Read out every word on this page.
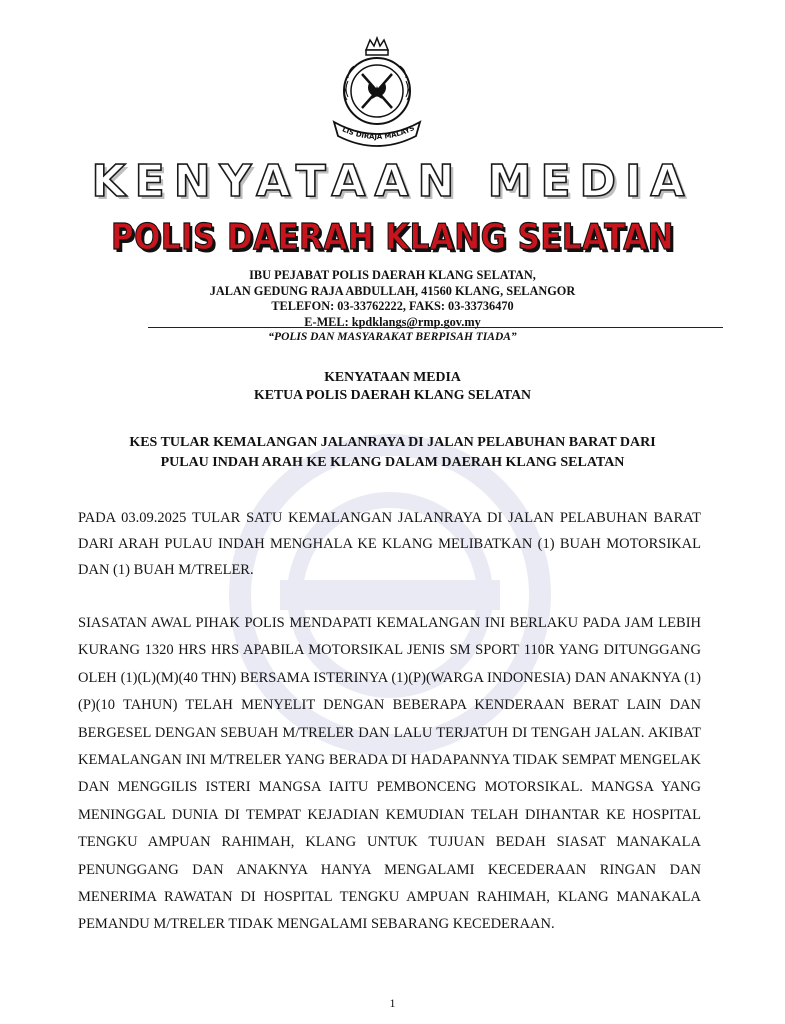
LIS DIRAJA MALAYS
KENYATAAN MEDIA
POLIS DAERAH KLANG SELATAN
IBU PEJABAT POLIS DAERAH KLANG SELATAN,
JALAN GEDUNG RAJA ABDULLAH, 41560 KLANG, SELANGOR
TELEFON: 03-33762222, FAKS: 03-33736470
E-MEL: kpdklangs@rmp.gov.my
“POLIS DAN MASYARAKAT BERPISAH TIADA”
KENYATAAN MEDIA
KETUA POLIS DAERAH KLANG SELATAN
KES TULAR KEMALANGAN JALANRAYA DI JALAN PELABUHAN BARAT DARI
PULAU INDAH ARAH KE KLANG DALAM DAERAH KLANG SELATAN
PADA 03.09.2025 TULAR SATU KEMALANGAN JALANRAYA DI JALAN PELABUHAN BARAT DARI ARAH PULAU INDAH MENGHALA KE KLANG MELIBATKAN (1) BUAH MOTORSIKAL DAN (1) BUAH M/TRELER.
SIASATAN AWAL PIHAK POLIS MENDAPATI KEMALANGAN INI BERLAKU PADA JAM LEBIH KURANG 1320 HRS HRS APABILA MOTORSIKAL JENIS SM SPORT 110R YANG DITUNGGANG OLEH (1)(L)(M)(40 THN) BERSAMA ISTERINYA (1)(P)(WARGA INDONESIA) DAN ANAKNYA (1)(P)(10 TAHUN) TELAH MENYELIT DENGAN BEBERAPA KENDERAAN BERAT LAIN DAN BERGESEL DENGAN SEBUAH M/TRELER DAN LALU TERJATUH DI TENGAH JALAN. AKIBAT KEMALANGAN INI M/TRELER YANG BERADA DI HADAPANNYA TIDAK SEMPAT MENGELAK DAN MENGGILIS ISTERI MANGSA IAITU PEMBONCENG MOTORSIKAL. MANGSA YANG MENINGGAL DUNIA DI TEMPAT KEJADIAN KEMUDIAN TELAH DIHANTAR KE HOSPITAL TENGKU AMPUAN RAHIMAH, KLANG UNTUK TUJUAN BEDAH SIASAT MANAKALA PENUNGGANG DAN ANAKNYA HANYA MENGALAMI KECEDERAAN RINGAN DAN MENERIMA RAWATAN DI HOSPITAL TENGKU AMPUAN RAHIMAH, KLANG MANAKALA PEMANDU M/TRELER TIDAK MENGALAMI SEBARANG KECEDERAAN.
1
